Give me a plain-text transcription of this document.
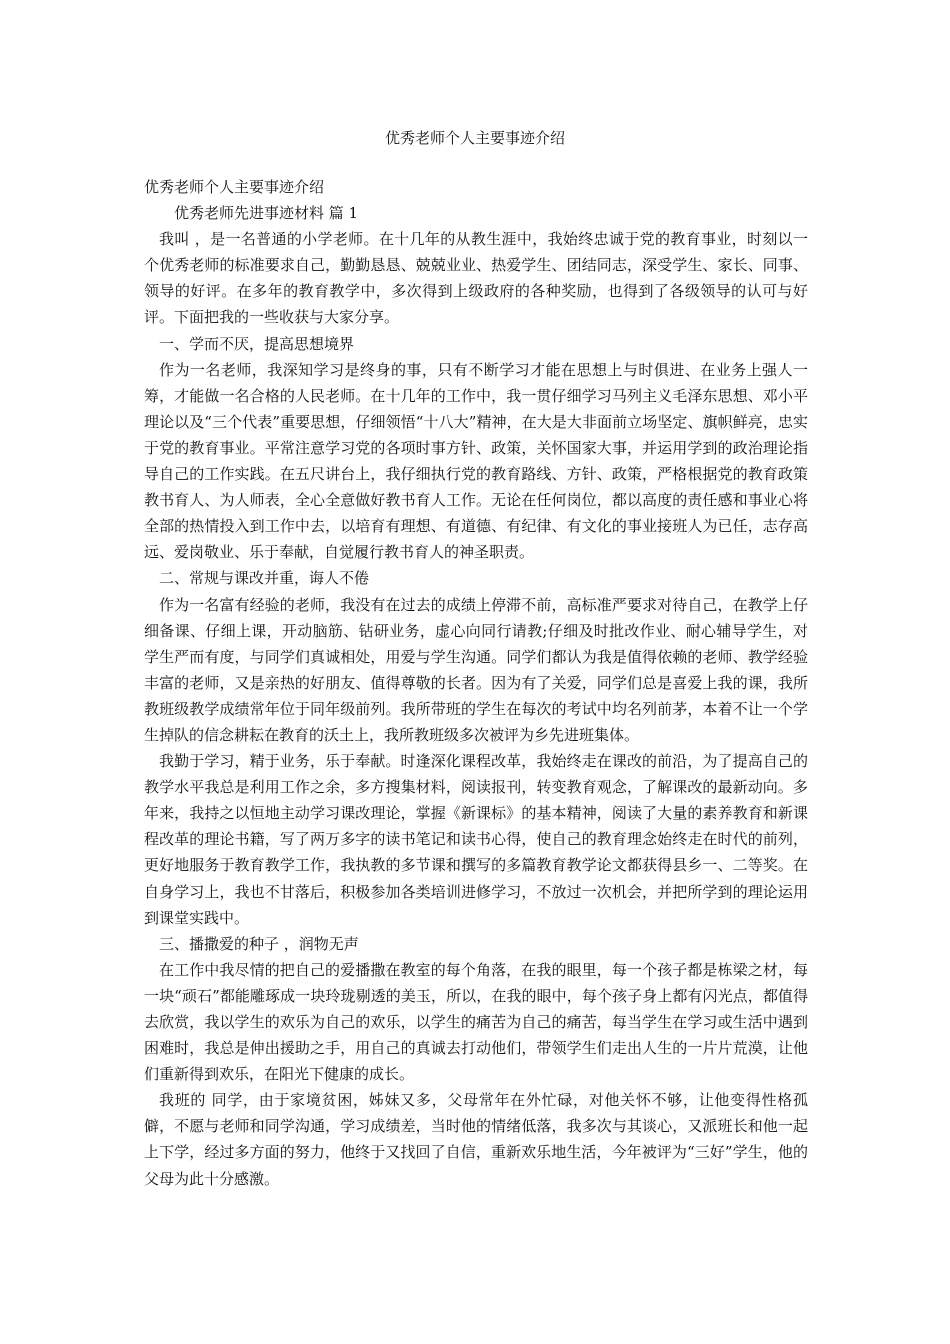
优秀老师个人主要事迹介绍

优秀老师个人主要事迹介绍

优秀老师先进事迹材料 篇 1

我叫 ，是一名普通的小学老师。在十几年的从教生涯中，我始终忠诚于党的教育事业，时刻以一个优秀老师的标准要求自己，勤勤恳恳、兢兢业业、热爱学生、团结同志，深受学生、家长、同事、领导的好评。在多年的教育教学中，多次得到上级政府的各种奖励，也得到了各级领导的认可与好评。下面把我的一些收获与大家分享。

一、学而不厌，提高思想境界

作为一名老师，我深知学习是终身的事，只有不断学习才能在思想上与时俱进、在业务上强人一筹，才能做一名合格的人民老师。在十几年的工作中，我一贯仔细学习马列主义毛泽东思想、邓小平理论以及“三个代表”重要思想，仔细领悟“十八大”精神，在大是大非面前立场坚定、旗帜鲜亮，忠实于党的教育事业。平常注意学习党的各项时事方针、政策，关怀国家大事，并运用学到的政治理论指导自己的工作实践。在五尺讲台上，我仔细执行党的教育路线、方针、政策，严格根据党的教育政策教书育人、为人师表，全心全意做好教书育人工作。无论在任何岗位，都以高度的责任感和事业心将全部的热情投入到工作中去，以培育有理想、有道德、有纪律、有文化的事业接班人为已任，志存高远、爱岗敬业、乐于奉献，自觉履行教书育人的神圣职责。

二、常规与课改并重，诲人不倦

作为一名富有经验的老师，我没有在过去的成绩上停滞不前，高标准严要求对待自己，在教学上仔细备课、仔细上课，开动脑筋、钻研业务，虚心向同行请教;仔细及时批改作业、耐心辅导学生，对学生严而有度，与同学们真诚相处，用爱与学生沟通。同学们都认为我是值得依赖的老师、教学经验丰富的老师，又是亲热的好朋友、值得尊敬的长者。因为有了关爱，同学们总是喜爱上我的课，我所教班级教学成绩常年位于同年级前列。我所带班的学生在每次的考试中均名列前茅，本着不让一个学生掉队的信念耕耘在教育的沃土上，我所教班级多次被评为乡先进班集体。

我勤于学习，精于业务，乐于奉献。时逢深化课程改革，我始终走在课改的前沿，为了提高自己的教学水平我总是利用工作之余，多方搜集材料，阅读报刊，转变教育观念，了解课改的最新动向。多年来，我持之以恒地主动学习课改理论，掌握《新课标》的基本精神，阅读了大量的素养教育和新课程改革的理论书籍，写了两万多字的读书笔记和读书心得，使自己的教育理念始终走在时代的前列，更好地服务于教育教学工作，我执教的多节课和撰写的多篇教育教学论文都获得县乡一、二等奖。在自身学习上，我也不甘落后，积极参加各类培训进修学习，不放过一次机会，并把所学到的理论运用到课堂实践中。

三、播撒爱的种子 ，润物无声

在工作中我尽情的把自己的爱播撒在教室的每个角落，在我的眼里，每一个孩子都是栋梁之材，每一块“顽石”都能雕琢成一块玲珑剔透的美玉，所以，在我的眼中，每个孩子身上都有闪光点，都值得去欣赏，我以学生的欢乐为自己的欢乐，以学生的痛苦为自己的痛苦，每当学生在学习或生活中遇到困难时，我总是伸出援助之手，用自己的真诚去打动他们，带领学生们走出人生的一片片荒漠，让他们重新得到欢乐，在阳光下健康的成长。

我班的 同学，由于家境贫困，姊妹又多，父母常年在外忙碌，对他关怀不够，让他变得性格孤僻，不愿与老师和同学沟通，学习成绩差，当时他的情绪低落，我多次与其谈心，又派班长和他一起上下学，经过多方面的努力，他终于又找回了自信，重新欢乐地生活，今年被评为“三好”学生，他的父母为此十分感激。
